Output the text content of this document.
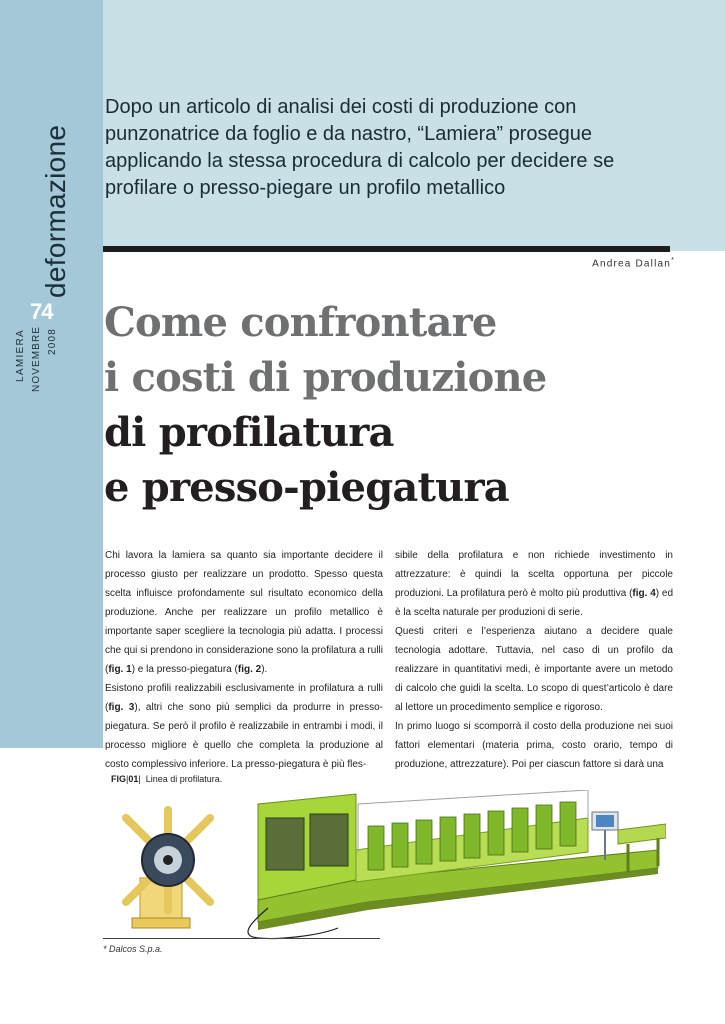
deformazione
74
LAMIERA NOVEMBRE 2008
Dopo un articolo di analisi dei costi di produzione con punzonatrice da foglio e da nastro, “Lamiera” prosegue applicando la stessa procedura di calcolo per decidere se profilare o presso-piegare un profilo metallico
Andrea Dallan*
Come confrontare
i costi di produzione
di profilatura
e presso-piegatura

Chi lavora la lamiera sa quanto sia importante decidere il processo giusto per realizzare un prodotto. Spesso questa scelta influisce profondamente sul risultato economico della produzione. Anche per realizzare un profilo metallico è importante saper scegliere la tecnologia più adatta. I processi che qui si prendono in considerazione sono la profilatura a rulli (fig. 1) e la presso-piegatura (fig. 2).

Esistono profili realizzabili esclusivamente in profilatura a rulli (fig. 3), altri che sono più semplici da produrre in presso-piegatura. Se però il profilo è realizzabile in entrambi i modi, il processo migliore è quello che completa la produzione al costo complessivo inferiore. La presso-piegatura è più fles-

sibile della profilatura e non richiede investimento in attrezzature: è quindi la scelta opportuna per piccole produzioni. La profilatura però è molto più produttiva (fig. 4) ed è la scelta naturale per produzioni di serie.

Questi criteri e l’esperienza aiutano a decidere quale tecnologia adottare. Tuttavia, nel caso di un profilo da realizzare in quantitativi medi, è importante avere un metodo di calcolo che guidi la scelta. Lo scopo di quest’articolo è dare al lettore un procedimento semplice e rigoroso.

In primo luogo si scomporrà il costo della produzione nei suoi fattori elementari (materia prima, costo orario, tempo di produzione, attrezzature). Poi per ciascun fattore si darà una

FIG|01|  Linea di profilatura.
* Dalcos S.p.a.
